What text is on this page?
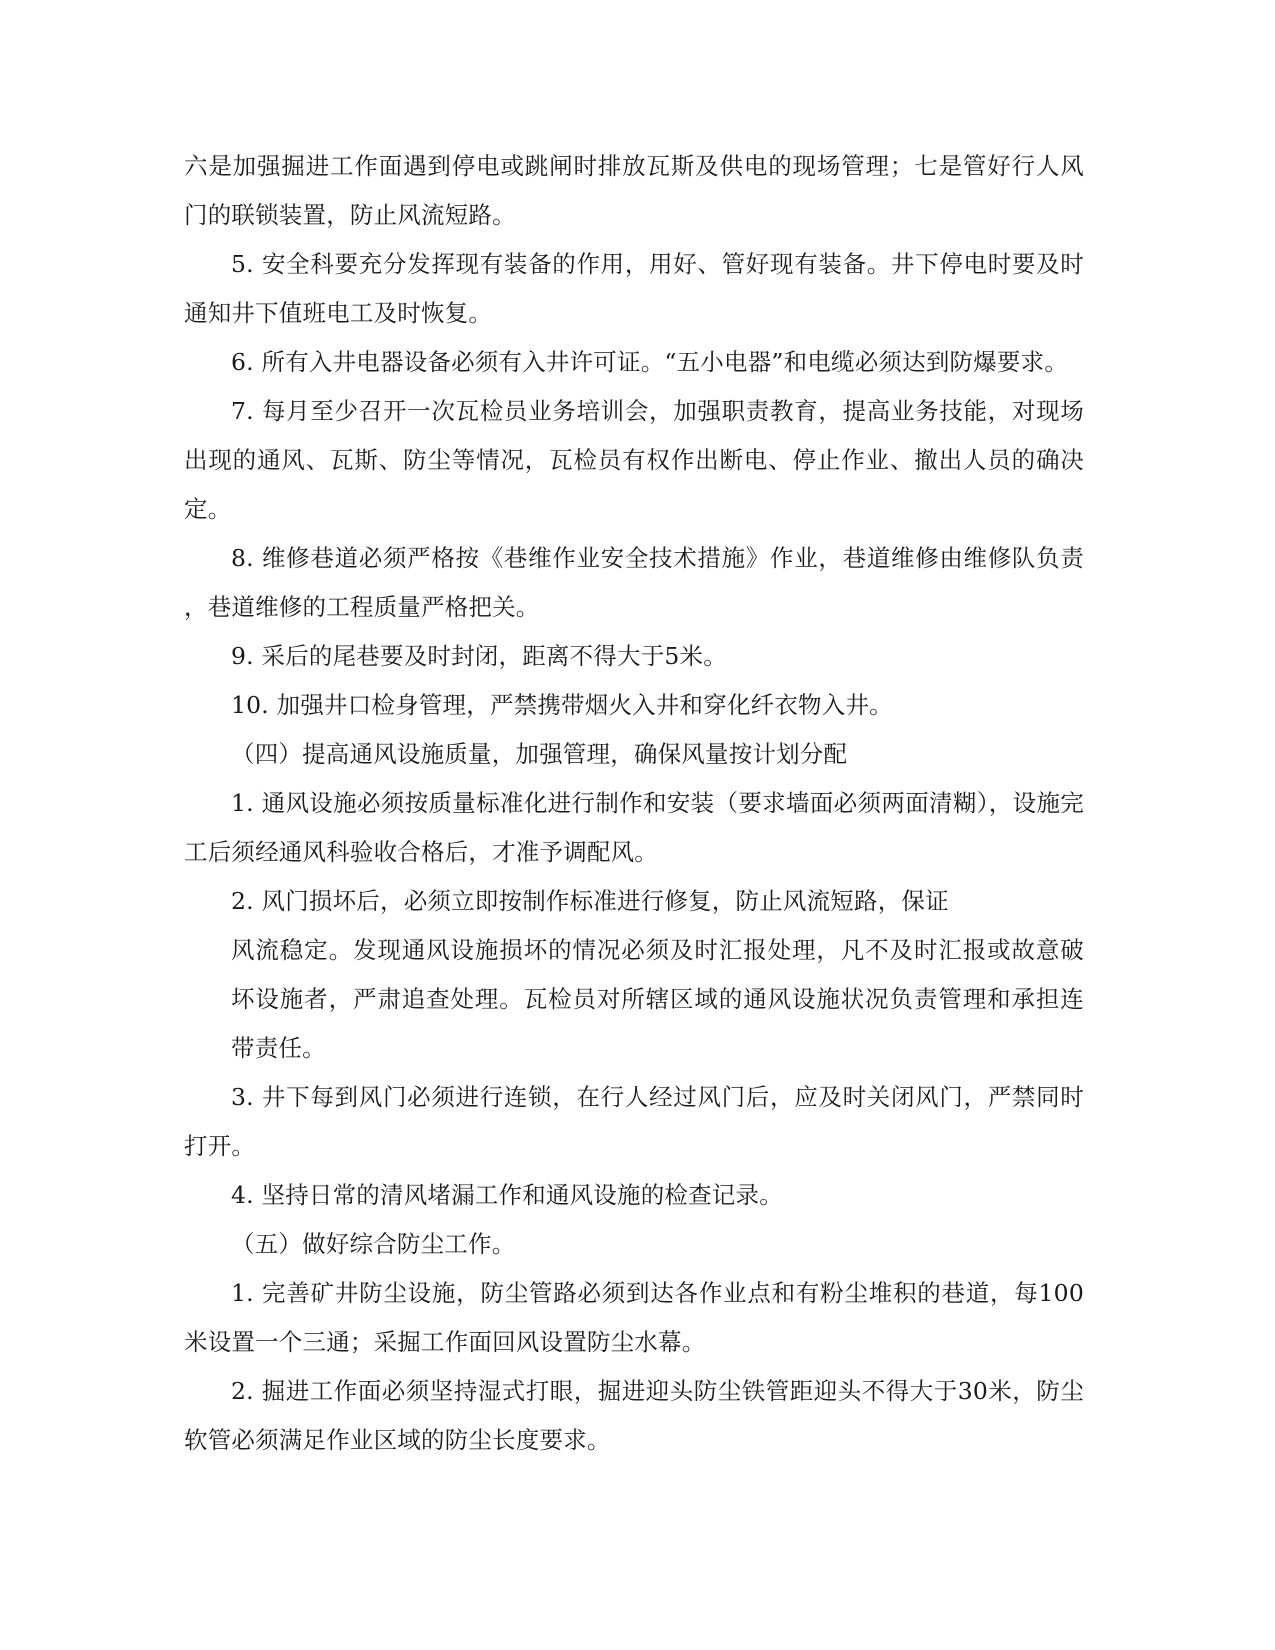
六是加强掘进工作面遇到停电或跳闸时排放瓦斯及供电的现场管理；七是管好行人风门的联锁装置，防止风流短路。

5. 安全科要充分发挥现有装备的作用，用好、管好现有装备。井下停电时要及时通知井下值班电工及时恢复。

6. 所有入井电器设备必须有入井许可证。“五小电器”和电缆必须达到防爆要求。

7. 每月至少召开一次瓦检员业务培训会，加强职责教育，提高业务技能，对现场出现的通风、瓦斯、防尘等情况，瓦检员有权作出断电、停止作业、撤出人员的确决定。

8. 维修巷道必须严格按《巷维作业安全技术措施》作业，巷道维修由维修队负责，巷道维修的工程质量严格把关。

9. 采后的尾巷要及时封闭，距离不得大于5米。

10. 加强井口检身管理，严禁携带烟火入井和穿化纤衣物入井。

（四）提高通风设施质量，加强管理，确保风量按计划分配

1. 通风设施必须按质量标准化进行制作和安装（要求墙面必须两面清糊），设施完工后须经通风科验收合格后，才准予调配风。

2. 风门损坏后，必须立即按制作标准进行修复，防止风流短路，保证

风流稳定。发现通风设施损坏的情况必须及时汇报处理，凡不及时汇报或故意破坏设施者，严肃追查处理。瓦检员对所辖区域的通风设施状况负责管理和承担连带责任。

3. 井下每到风门必须进行连锁，在行人经过风门后，应及时关闭风门，严禁同时打开。

4. 坚持日常的清风堵漏工作和通风设施的检查记录。

（五）做好综合防尘工作。

1. 完善矿井防尘设施，防尘管路必须到达各作业点和有粉尘堆积的巷道，每100米设置一个三通；采掘工作面回风设置防尘水幕。

2. 掘进工作面必须坚持湿式打眼，掘进迎头防尘铁管距迎头不得大于30米，防尘软管必须满足作业区域的防尘长度要求。
